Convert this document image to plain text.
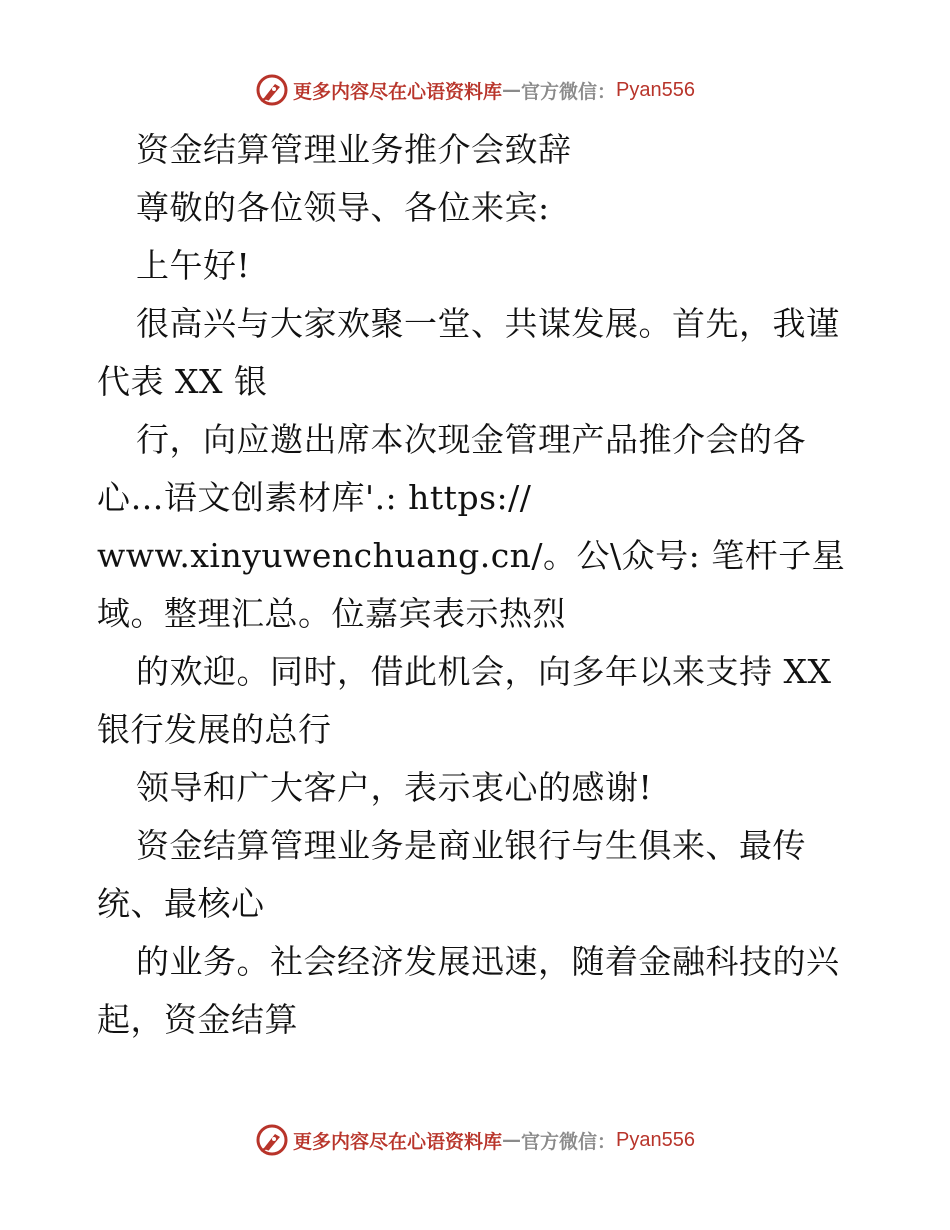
更多内容尽在心语资料库 — 官方微信： Pyan556
资金结算管理业务推介会致辞
尊敬的各位领导、各位来宾:
上午好!
很高兴与大家欢聚一堂、共谋发展。首先，我谨
代表 XX 银
行，向应邀出席本次现金管理产品推介会的各
心…语文创素材库'.: https://
www.xinyuwenchuang.cn/。公\众号: 笔杆子星
域。整理汇总。位嘉宾表示热烈
的欢迎。同时，借此机会，向多年以来支持 XX
银行发展的总行
领导和广大客户，表示衷心的感谢!
资金结算管理业务是商业银行与生俱来、最传
统、最核心
的业务。社会经济发展迅速，随着金融科技的兴
起，资金结算
更多内容尽在心语资料库 — 官方微信： Pyan556
